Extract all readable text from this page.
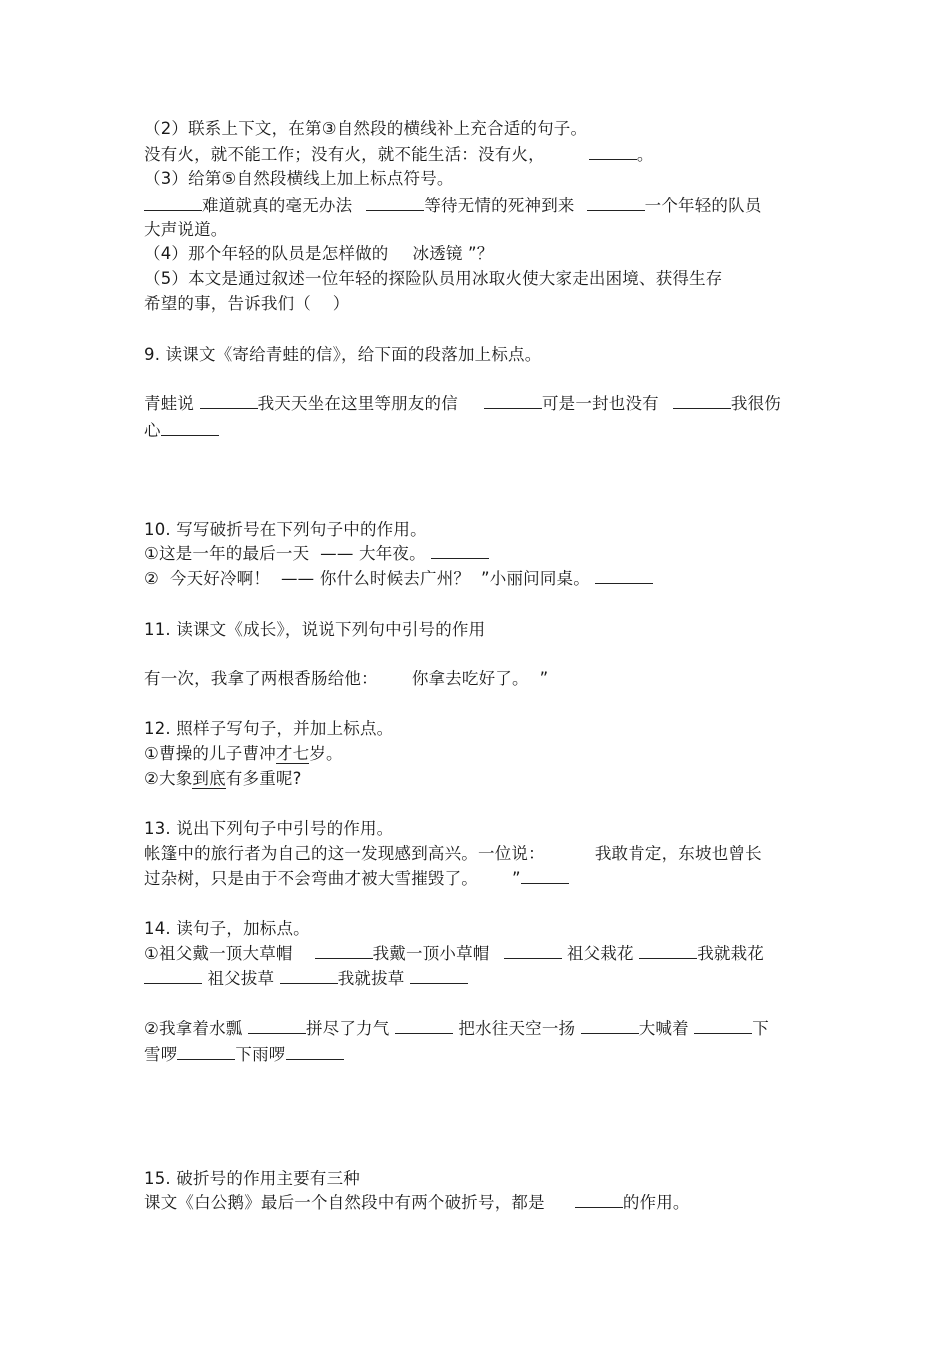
（2）联系上下文，在第③自然段的横线补上充合适的句子。
没有火，就不能工作；没有火，就不能生活：没有火，	。
（3）给第⑤自然段横线上加上标点符号。
难道就真的毫无办法	等待无情的死神到来	一个年轻的队员
大声说道。
（4）那个年轻的队员是怎样做的 冰透镜 ”？
（5）本文是通过叙述一位年轻的探险队员用冰取火使大家走出困境、获得生存
希望的事，告诉我们（    ）
9. 读课文《寄给青蛙的信》，给下面的段落加上标点。
青蛙说	我天天坐在这里等朋友的信	可是一封也没有	我很伤
心
10. 写写破折号在下列句子中的作用。
①这是一年的最后一天  —— 大年夜。
②  今天好冷啊！  —— 你什么时候去广州？  ”小丽问同桌。
11. 读课文《成长》，说说下列句中引号的作用
有一次，我拿了两根香肠给他： 你拿去吃好了。  ”
12. 照样子写句子，并加上标点。
①曹操的儿子曹冲才七岁。
②大象到底有多重呢?
13. 说出下列句子中引号的作用。
帐篷中的旅行者为自己的这一发现感到高兴。一位说：	我敢肯定，东坡也曾长
过杂树，只是由于不会弯曲才被大雪摧毁了。 ”
14. 读句子，加标点。
①祖父戴一顶大草帽	我戴一顶小草帽	祖父栽花	我就栽花
祖父拔草	我就拔草
②我拿着水瓢	拼尽了力气	把水往天空一扬	大喊着	下
雪啰	下雨啰
15. 破折号的作用主要有三种
课文《白公鹅》最后一个自然段中有两个破折号，都是	的作用。
